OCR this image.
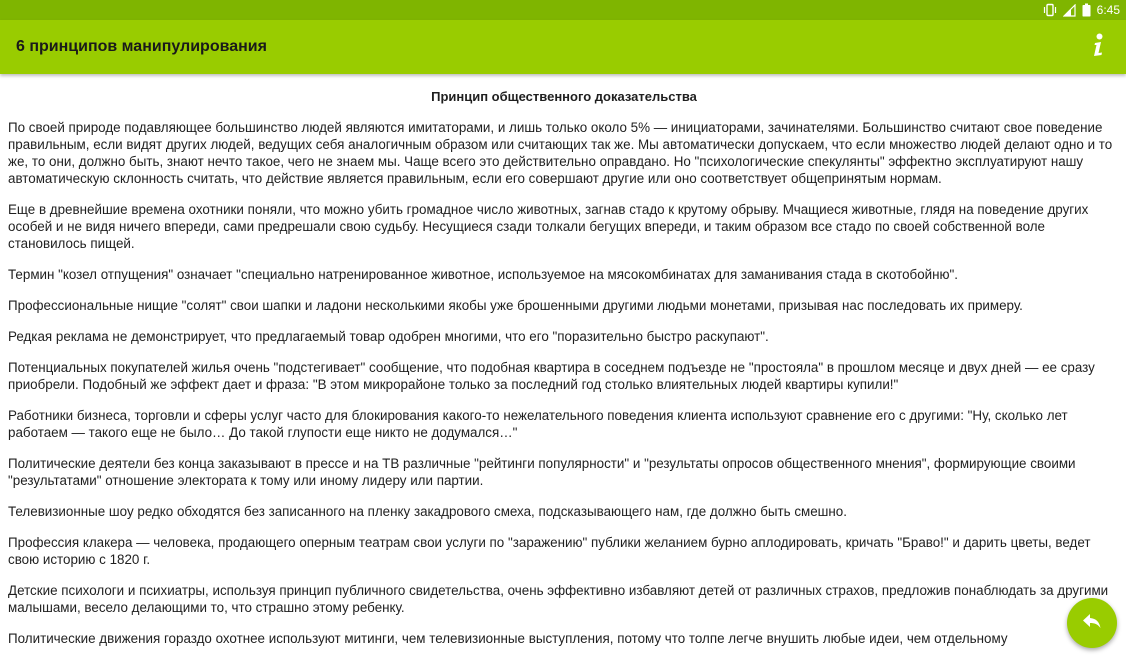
6:45
6 принципов манипулирования
Принцип общественного доказательства

По своей природе подавляющее большинство людей являются имитаторами, и лишь только около 5% — инициаторами, зачинателями. Большинство считают свое поведение правильным, если видят других людей, ведущих себя аналогичным образом или считающих так же. Мы автоматически допускаем, что если множество людей делают одно и то же, то они, должно быть, знают нечто такое, чего не знаем мы. Чаще всего это действительно оправдано. Но "психологические спекулянты" эффектно эксплуатируют нашу автоматическую склонность считать, что действие является правильным, если его совершают другие или оно соответствует общепринятым нормам.

Еще в древнейшие времена охотники поняли, что можно убить громадное число животных, загнав стадо к крутому обрыву. Мчащиеся животные, глядя на поведение других особей и не видя ничего впереди, сами предрешали свою судьбу. Несущиеся сзади толкали бегущих впереди, и таким образом все стадо по своей собственной воле становилось пищей.

Термин "козел отпущения" означает "специально натренированное животное, используемое на мясокомбинатах для заманивания стада в скотобойню".

Профессиональные нищие "солят" свои шапки и ладони несколькими якобы уже брошенными другими людьми монетами, призывая нас последовать их примеру.

Редкая реклама не демонстрирует, что предлагаемый товар одобрен многими, что его "поразительно быстро раскупают".

Потенциальных покупателей жилья очень "подстегивает" сообщение, что подобная квартира в соседнем подъезде не "простояла" в прошлом месяце и двух дней — ее сразу приобрели. Подобный же эффект дает и фраза: "В этом микрорайоне только за последний год столько влиятельных людей квартиры купили!"

Работники бизнеса, торговли и сферы услуг часто для блокирования какого-то нежелательного поведения клиента используют сравнение его с другими: "Ну, сколько лет работаем — такого еще не было… До такой глупости еще никто не додумался…"

Политические деятели без конца заказывают в прессе и на ТВ различные "рейтинги популярности" и "результаты опросов общественного мнения", формирующие своими "результатами" отношение электората к тому или иному лидеру или партии.

Телевизионные шоу редко обходятся без записанного на пленку закадрового смеха, подсказывающего нам, где должно быть смешно.

Профессия клакера — человека, продающего оперным театрам свои услуги по "заражению" публики желанием бурно аплодировать, кричать "Браво!" и дарить цветы, ведет свою историю с 1820 г.

Детские психологи и психиатры, используя принцип публичного свидетельства, очень эффективно избавляют детей от различных страхов, предложив понаблюдать за другими малышами, весело делающими то, что страшно этому ребенку.

Политические движения гораздо охотнее используют митинги, чем телевизионные выступления, потому что толпе легче внушить любые идеи, чем отдельному
